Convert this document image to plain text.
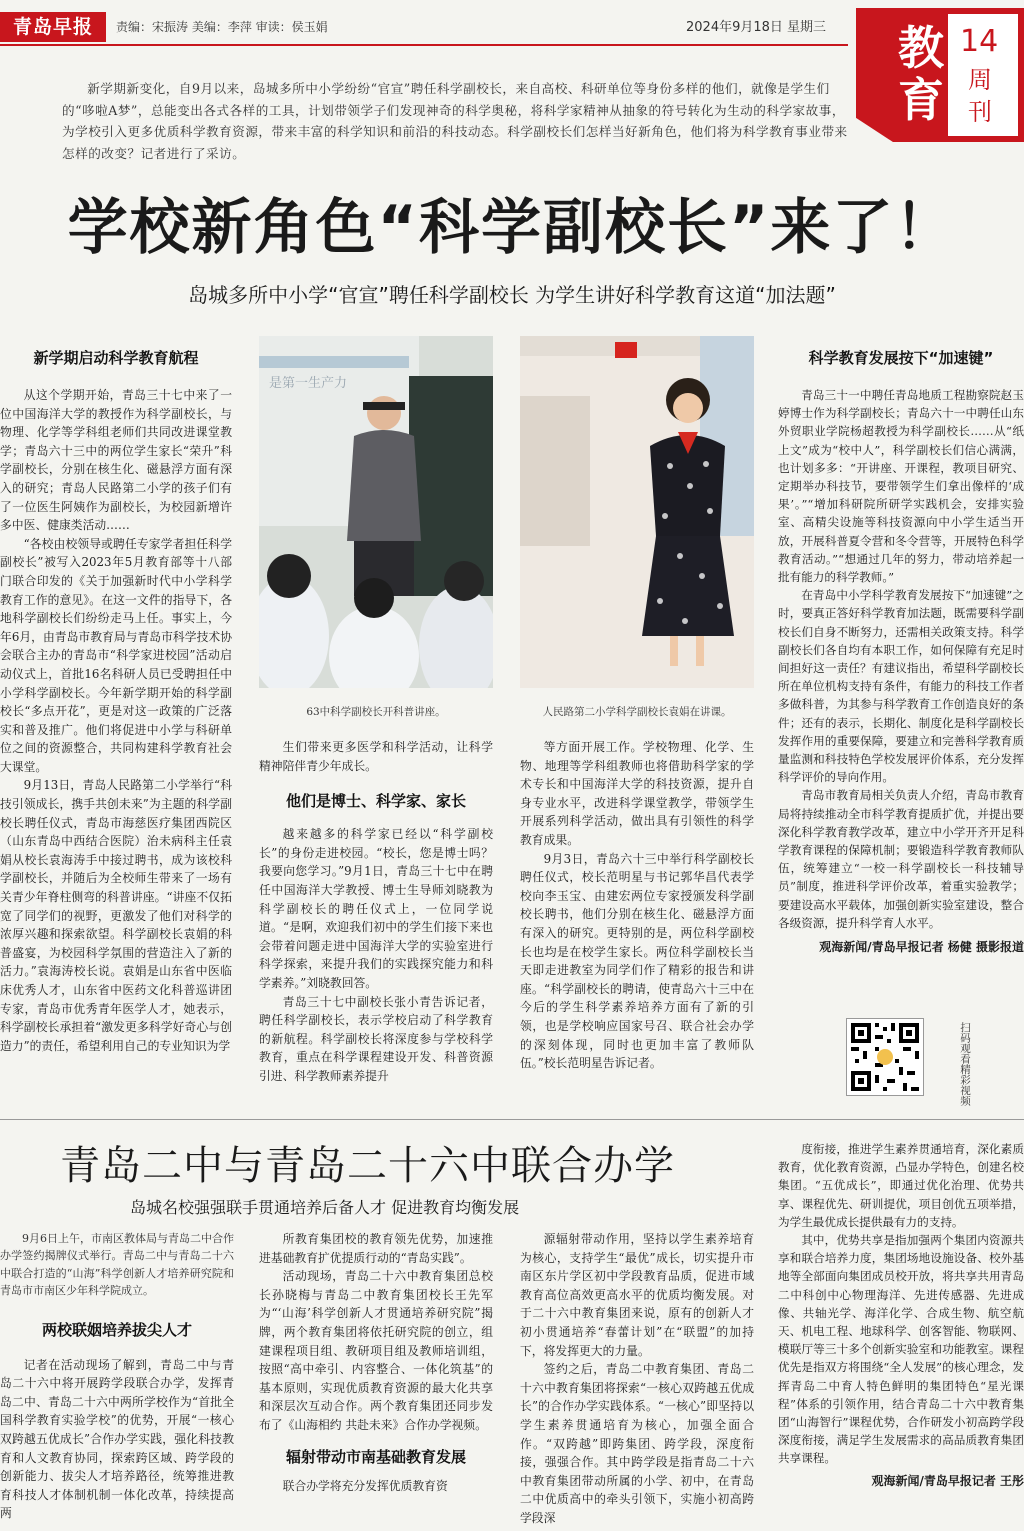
青岛早报	责编：宋振涛 美编：李萍 审读：侯玉娟	2024年9月18日 星期三 教育
14
周刊
新学期新变化，自9月以来，岛城多所中小学纷纷“官宣”聘任科学副校长，来自高校、科研单位等身份多样的他们，就像是学生们的“哆啦A梦”，总能变出各式各样的工具，计划带领学子们发现神奇的科学奥秘，将科学家精神从抽象的符号转化为生动的科学家故事，为学校引入更多优质科学教育资源，带来丰富的科学知识和前沿的科技动态。科学副校长们怎样当好新角色，他们将为科学教育事业带来怎样的改变？记者进行了采访。
学校新角色“科学副校长”来了！
岛城多所中小学“官宣”聘任科学副校长 为学生讲好科学教育这道“加法题”
新学期启动科学教育航程

从这个学期开始，青岛三十七中来了一位中国海洋大学的教授作为科学副校长，与物理、化学等学科组老师们共同改进课堂教学；青岛六十三中的两位学生家长“荣升”科学副校长，分别在核生化、磁悬浮方面有深入的研究；青岛人民路第二小学的孩子们有了一位医生阿姨作为副校长，为校园新增许多中医、健康类活动……

“各校由校领导或聘任专家学者担任科学副校长”被写入2023年5月教育部等十八部门联合印发的《关于加强新时代中小学科学教育工作的意见》。在这一文件的指导下，各地科学副校长们纷纷走马上任。事实上，今年6月，由青岛市教育局与青岛市科学技术协会联合主办的青岛市“科学家进校园”活动启动仪式上，首批16名科研人员已受聘担任中小学科学副校长。今年新学期开始的科学副校长“多点开花”，更是对这一政策的广泛落实和普及推广。他们将促进中小学与科研单位之间的资源整合，共同构建科学教育社会大课堂。

9月13日，青岛人民路第二小学举行“科技引领成长，携手共创未来”为主题的科学副校长聘任仪式，青岛市海慈医疗集团西院区（山东青岛中西结合医院）治未病科主任袁娟从校长袁海涛手中接过聘书，成为该校科学副校长，并随后为全校师生带来了一场有关青少年脊柱侧弯的科普讲座。“讲座不仅拓宽了同学们的视野，更激发了他们对科学的浓厚兴趣和探索欲望。科学副校长袁娟的科普盛宴，为校园科学氛围的营造注入了新的活力。”袁海涛校长说。袁娟是山东省中医临床优秀人才，山东省中医药文化科普巡讲团专家，青岛市优秀青年医学人才，她表示，科学副校长承担着“激发更多科学好奇心与创造力”的责任，希望利用自己的专业知识为学

是第一生产力
63中科学副校长开科普讲座。	人民路第二小学科学副校长袁娟在讲课。
生们带来更多医学和科学活动，让科学精神陪伴青少年成长。
他们是博士、科学家、家长

越来越多的科学家已经以“科学副校长”的身份走进校园。“校长，您是博士吗？我要向您学习。”9月1日，青岛三十七中在聘任中国海洋大学教授、博士生导师刘晓教为科学副校长的聘任仪式上，一位同学说道。“是啊，欢迎我们初中的学生们接下来也会带着问题走进中国海洋大学的实验室进行科学探索，来提升我们的实践探究能力和科学素养。”刘晓教回答。

青岛三十七中副校长张小青告诉记者，聘任科学副校长，表示学校启动了科学教育的新航程。科学副校长将深度参与学校科学教育，重点在科学课程建设开发、科普资源引进、科学教师素养提升

等方面开展工作。学校物理、化学、生物、地理等学科组教师也将借助科学家的学术专长和中国海洋大学的科技资源，提升自身专业水平，改进科学课堂教学，带领学生开展系列科学活动，做出具有引领性的科学教育成果。

9月3日，青岛六十三中举行科学副校长聘任仪式，校长范明星与书记郭华昌代表学校向李玉宝、由建宏两位专家授颁发科学副校长聘书，他们分别在核生化、磁悬浮方面有深入的研究。更特别的是，两位科学副校长也均是在校学生家长。两位科学副校长当天即走进教室为同学们作了精彩的报告和讲座。“科学副校长的聘请，使青岛六十三中在今后的学生科学素养培养方面有了新的引领，也是学校响应国家号召、联合社会办学的深刻体现，同时也更加丰富了教师队伍。”校长范明星告诉记者。

科学教育发展按下“加速键”

青岛三十一中聘任青岛地质工程勘察院赵玉婷博士作为科学副校长；青岛六十一中聘任山东外贸职业学院杨超教授为科学副校长……从“纸上文”成为“校中人”，科学副校长们信心满满，也计划多多：“开讲座、开课程，教项目研究、定期举办科技节，要带领学生们拿出像样的‘成果’。”“增加科研院所研学实践机会，安排实验室、高精尖设施等科技资源向中小学生适当开放，开展科普夏令营和冬令营等，开展特色科学教育活动。”“想通过几年的努力，带动培养起一批有能力的科学教师。”

在青岛中小学科学教育发展按下“加速键”之时，要真正答好科学教育加法题，既需要科学副校长们自身不断努力，还需相关政策支持。科学副校长们各自均有本职工作，如何保障有充足时间担好这一责任？有建议指出，希望科学副校长所在单位机构支持有条件，有能力的科技工作者多做科普，为其参与科学教育工作创造良好的条件；还有的表示，长期化、制度化是科学副校长发挥作用的重要保障，要建立和完善科学教育质量监测和科技特色学校发展评价体系，充分发挥科学评价的导向作用。

青岛市教育局相关负责人介绍，青岛市教育局将持续推动全市科学教育提质扩优，并提出要深化科学教育教学改革，建立中小学开齐开足科学教育课程的保障机制；要锻造科学教育教师队伍，统筹建立“一校一科学副校长一科技辅导员”制度，推进科学评价改革，着重实验教学；要建设高水平载体，加强创新实验室建设，整合各级资源，提升科学育人水平。

观海新闻/青岛早报记者 杨健 摄影报道
扫码观看精彩视频
青岛二中与青岛二十六中联合办学
岛城名校强强联手贯通培养后备人才 促进教育均衡发展
9月6日上午，市南区教体局与青岛二中合作办学签约揭牌仪式举行。青岛二中与青岛二十六中联合打造的“山海”科学创新人才培养研究院和青岛市市南区少年科学院成立。
两校联姻培养拔尖人才
记者在活动现场了解到，青岛二中与青岛二十六中将开展跨学段联合办学，发挥青岛二中、青岛二十六中两所学校作为“首批全国科学教育实验学校”的优势，开展“一核心双跨越五优成长”合作办学实践，强化科技教育和人文教育协同，探索跨区域、跨学段的创新能力、拔尖人才培养路径，统筹推进教育科技人才体制机制一体化改革，持续提高两

所教育集团校的教育领先优势，加速推进基础教育扩优提质行动的“青岛实践”。

活动现场，青岛二十六中教育集团总校长孙晓梅与青岛二中教育集团校长王先军为“‘山海’科学创新人才贯通培养研究院”揭牌，两个教育集团将依托研究院的创立，组建课程项目组、教研项目组及教师培训组，按照“高中牵引、内容整合、一体化筑基”的基本原则，实现优质教育资源的最大化共享和深层次互动合作。两个教育集团还同步发布了《山海相约 共赴未来》合作办学视频。

辐射带动市南基础教育发展
联合办学将充分发挥优质教育资

源辐射带动作用，坚持以学生素养培育为核心，支持学生“最优”成长，切实提升市南区东片学区初中学段教育品质，促进市域教育高位高效更高水平的优质均衡发展。对于二十六中教育集团来说，原有的创新人才初小贯通培养“春蕾计划”在“联盟”的加持下，将发挥更大的力量。

签约之后，青岛二中教育集团、青岛二十六中教育集团将探索“一核心双跨越五优成长”的合作办学实践体系。“一核心”即坚持以学生素养贯通培育为核心，加强全面合作。“双跨越”即跨集团、跨学段，深度衔接，强强合作。其中跨学段是指青岛二十六中教育集团带动所属的小学、初中，在青岛二中优质高中的牵头引领下，实施小初高跨学段深

度衔接，推进学生素养贯通培育，深化素质教育，优化教育资源，凸显办学特色，创建名校集团。“五优成长”，即通过优化治理、优势共享、课程优先、研训提优，项目创优五项举措，为学生最优成长提供最有力的支持。

其中，优势共享是指加强两个集团内资源共享和联合培养力度，集团场地设施设备、校外基地等全部面向集团成员校开放，将共享共用青岛二中科创中心物理海洋、先进传感器、先进成像、共轴光学、海洋化学、合成生物、航空航天、机电工程、地球科学、创客智能、物联网、模联厅等三十多个创新实验室和功能教室。课程优先是指双方将围绕“全人发展”的核心理念，发挥青岛二中育人特色鲜明的集团特色“星光课程”体系的引领作用，结合青岛二十六中教育集团“山海智行”课程优势，合作研发小初高跨学段深度衔接，满足学生发展需求的高品质教育集团共享课程。

观海新闻/青岛早报记者 王彤
